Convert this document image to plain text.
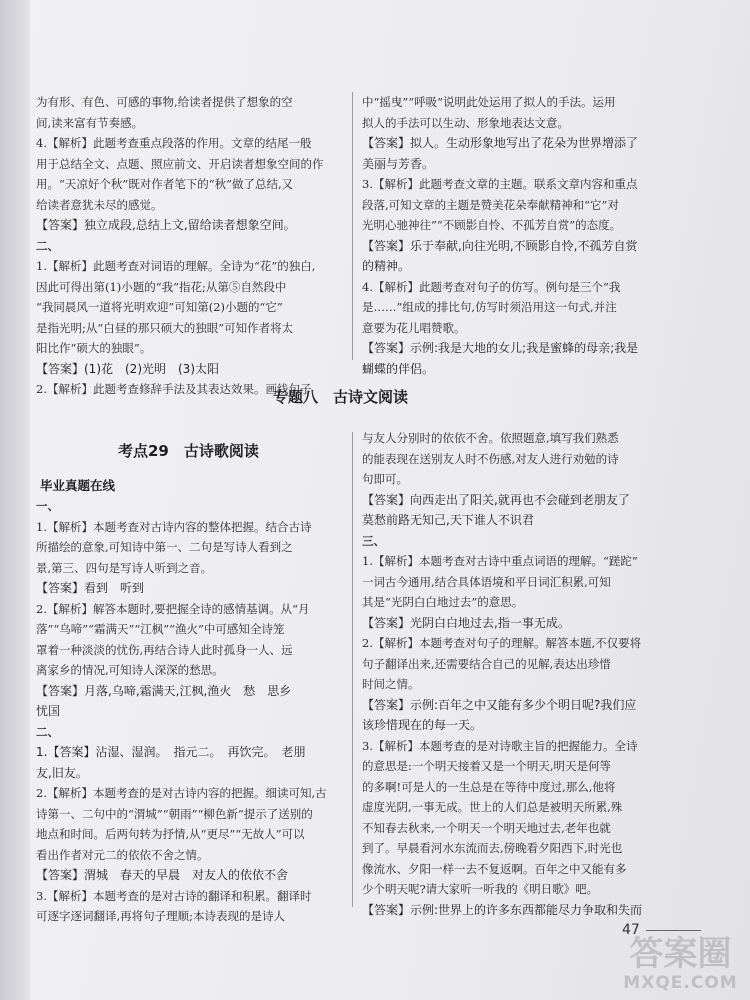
为有形、有色、可感的事物,给读者提供了想象的空

间,读来富有节奏感。

4.【解析】此题考查重点段落的作用。文章的结尾一般

用于总结全文、点题、照应前文、开启读者想象空间的作

用。“天凉好个秋”既对作者笔下的“秋”做了总结,又

给读者意犹未尽的感觉。

【答案】独立成段,总结上文,留给读者想象空间。

二、

1.【解析】此题考查对词语的理解。全诗为“花”的独白,

因此可得出第(1)小题的“我”指花;从第⑤自然段中

“我同晨风一道将光明欢迎”可知第(2)小题的“它”

是指光明;从“白昼的那只硕大的独眼”可知作者将太

阳比作“硕大的独眼”。

【答案】(1)花　(2)光明　(3)太阳

2.【解析】此题考查修辞手法及其表达效果。画线句子

中“摇曳”“呼吸”说明此处运用了拟人的手法。运用

拟人的手法可以生动、形象地表达文意。

【答案】拟人。生动形象地写出了花朵为世界增添了

美丽与芳香。

3.【解析】此题考查文章的主题。联系文章内容和重点

段落,可知文章的主题是赞美花朵奉献精神和“它”对

光明心驰神往”“不顾影自怜、不孤芳自赏”的态度。

【答案】乐于奉献,向往光明,不顾影自怜,不孤芳自赏

的精神。

4.【解析】此题考查对句子的仿写。例句是三个“我

是……”组成的排比句,仿写时须沿用这一句式,并注

意要为花儿唱赞歌。

【答案】示例:我是大地的女儿;我是蜜蜂的母亲;我是

蝴蝶的伴侣。

专题八　古诗文阅读
考点29　古诗歌阅读
毕业真题在线

一、

1.【解析】本题考查对古诗内容的整体把握。结合古诗

所描绘的意象,可知诗中第一、二句是写诗人看到之

景,第三、四句是写诗人听到之音。

【答案】看到　听到

2.【解析】解答本题时,要把握全诗的感情基调。从“月

落”“乌啼”“霜满天”“江枫”“渔火”中可感知全诗笼

罩着一种淡淡的忧伤,再结合诗人此时孤身一人、远

离家乡的情况,可知诗人深深的愁思。

【答案】月落,乌啼,霜满天,江枫,渔火　愁　思乡

忧国

二、

1.【答案】沾湿、湿润。　指元二。　再饮完。　老朋

友,旧友。

2.【解析】本题考查的是对古诗内容的把握。细读可知,古

诗第一、二句中的“渭城”“朝雨”“柳色新”提示了送别的

地点和时间。后两句转为抒情,从“更尽”“无故人”可以

看出作者对元二的依依不舍之情。

【答案】渭城　春天的早晨　对友人的依依不舍

3.【解析】本题考查的是对古诗的翻译和积累。翻译时

可逐字逐词翻译,再将句子理顺;本诗表现的是诗人

与友人分别时的依依不舍。依照题意,填写我们熟悉

的能表现在送别友人时不伤感,对友人进行劝勉的诗

句即可。

【答案】向西走出了阳关,就再也不会碰到老朋友了

莫愁前路无知己,天下谁人不识君

三、

1.【解析】本题考查对古诗中重点词语的理解。“蹉跎”

一词古今通用,结合具体语境和平日词汇积累,可知

其是“光阴白白地过去”的意思。

【答案】光阴白白地过去,指一事无成。

2.【解析】本题考查对句子的理解。解答本题,不仅要将

句子翻译出来,还需要结合自己的见解,表达出珍惜

时间之情。

【答案】示例:百年之中又能有多少个明日呢?我们应

该珍惜现在的每一天。

3.【解析】本题考查的是对诗歌主旨的把握能力。全诗

的意思是:一个明天接着又是一个明天,明天是何等

的多啊!可是人的一生总是在等待中度过,那么,他将

虚度光阴,一事无成。世上的人们总是被明天所累,殊

不知春去秋来,一个明天一个明天地过去,老年也就

到了。早晨看河水东流而去,傍晚看夕阳西下,时光也

像流水、夕阳一样一去不复返啊。百年之中又能有多

少个明天呢?请大家听一听我的《明日歌》吧。

【答案】示例:世界上的许多东西都能尽力争取和失而

47
答案圈
MXQE.COM
